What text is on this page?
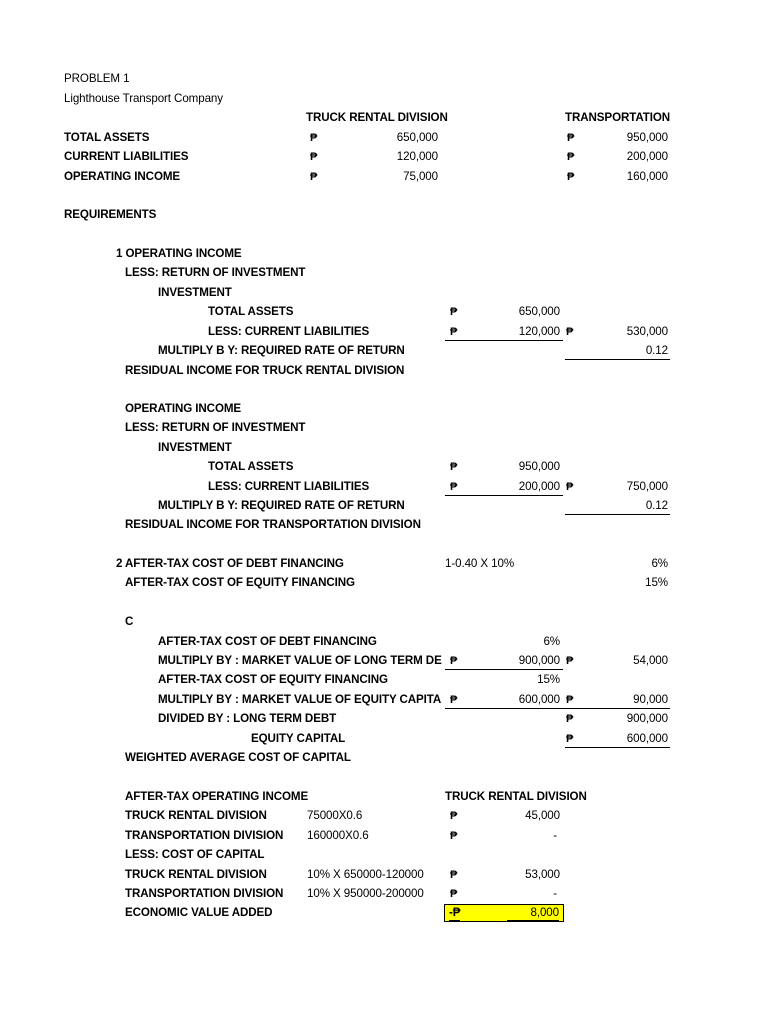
PROBLEM 1
Lighthouse Transport Company
TRUCK RENTAL DIVISION	TRANSPORTATION
TOTAL ASSETS	₱	650,000	₱	950,000
CURRENT LIABILITIES	₱	120,000	₱	200,000
OPERATING INCOME	₱	75,000	₱	160,000
REQUIREMENTS
1 OPERATING INCOME
LESS: RETURN OF INVESTMENT
INVESTMENT
TOTAL ASSETS	₱	650,000
LESS: CURRENT LIABILITIES	₱	120,000 ₱	530,000
MULTIPLY B Y: REQUIRED RATE OF RETURN	0.12
RESIDUAL INCOME FOR TRUCK RENTAL DIVISION
OPERATING INCOME
LESS: RETURN OF INVESTMENT
INVESTMENT
TOTAL ASSETS	₱	950,000
LESS: CURRENT LIABILITIES	₱	200,000 ₱	750,000
MULTIPLY B Y: REQUIRED RATE OF RETURN	0.12
RESIDUAL INCOME FOR TRANSPORTATION DIVISION
2 AFTER-TAX COST OF DEBT FINANCING	1-0.40 X 10%	6%
AFTER-TAX COST OF EQUITY FINANCING	15%
C
AFTER-TAX COST OF DEBT FINANCING	6%
MULTIPLY BY : MARKET VALUE OF LONG TERM DE ₱	900,000 ₱	54,000
AFTER-TAX COST OF EQUITY FINANCING	15%
MULTIPLY BY : MARKET VALUE OF EQUITY CAPITA ₱	600,000 ₱	90,000
DIVIDED BY : LONG TERM DEBT	₱	900,000
EQUITY CAPITAL	₱	600,000
WEIGHTED AVERAGE COST OF CAPITAL
AFTER-TAX OPERATING INCOME	TRUCK RENTAL DIVISION
TRUCK RENTAL DIVISION	75000X0.6	₱	45,000
TRANSPORTATION DIVISION 160000X0.6	₱	-
LESS: COST OF CAPITAL
TRUCK RENTAL DIVISION	10% X 650000-120000 ₱	53,000
TRANSPORTATION DIVISION 10% X 950000-200000 ₱	-
ECONOMIC VALUE ADDED	-₱	8,000
